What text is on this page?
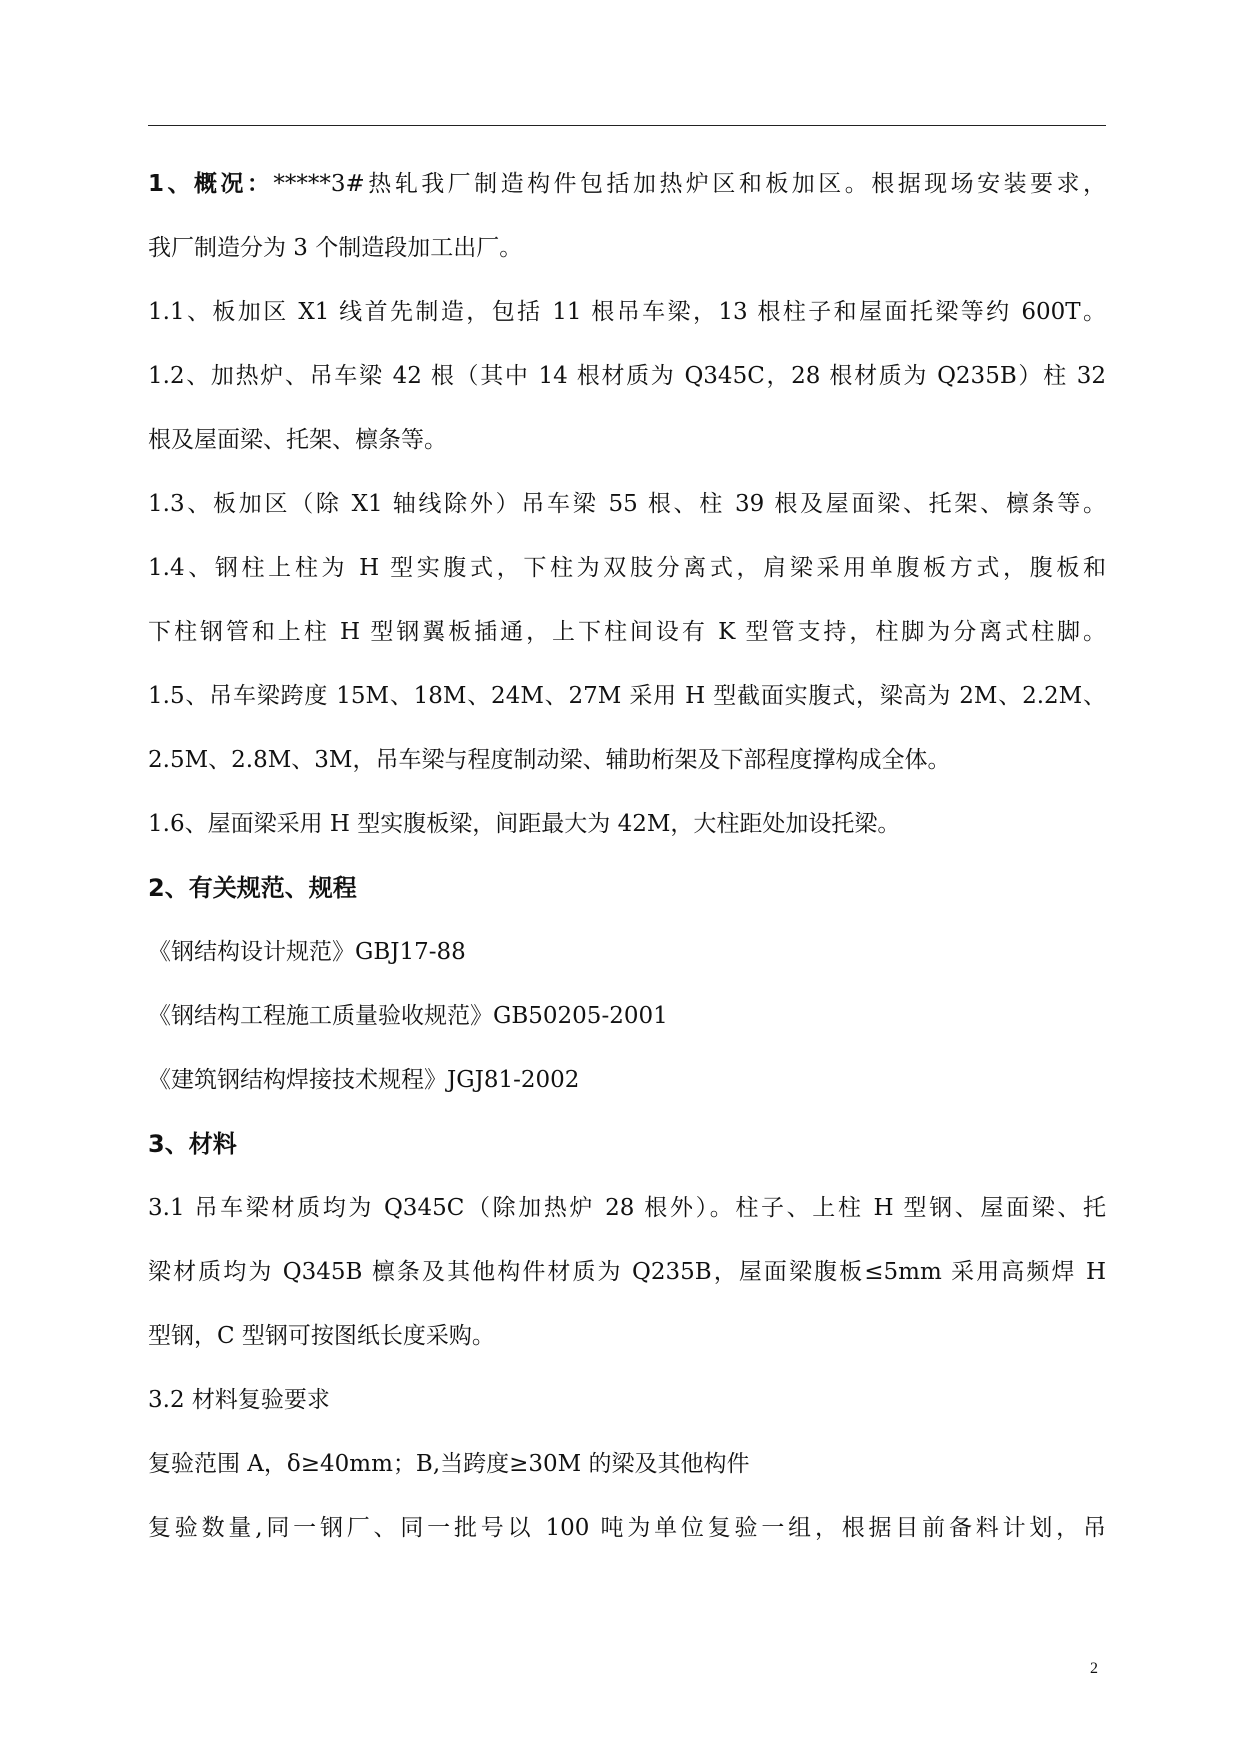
1、概况：*****3#热轧我厂制造构件包括加热炉区和板加区。根据现场安装要求，
我厂制造分为 3 个制造段加工出厂。
1.1、板加区 X1 线首先制造，包括 11 根吊车梁，13 根柱子和屋面托梁等约 600T。
1.2、加热炉、吊车梁 42 根（其中 14 根材质为 Q345C，28 根材质为 Q235B）柱 32
根及屋面梁、托架、檩条等。
1.3、板加区（除 X1 轴线除外）吊车梁 55 根、柱 39 根及屋面梁、托架、檩条等。
1.4、钢柱上柱为 H 型实腹式，下柱为双肢分离式，肩梁采用单腹板方式，腹板和
下柱钢管和上柱 H 型钢翼板插通，上下柱间设有 K 型管支持，柱脚为分离式柱脚。
1.5、吊车梁跨度 15M、18M、24M、27M 采用 H 型截面实腹式，梁高为 2M、2.2M、
2.5M、2.8M、3M，吊车梁与程度制动梁、辅助桁架及下部程度撑构成全体。
1.6、屋面梁采用 H 型实腹板梁，间距最大为 42M，大柱距处加设托梁。
2、有关规范、规程
《钢结构设计规范》GBJ17-88
《钢结构工程施工质量验收规范》GB50205-2001
《建筑钢结构焊接技术规程》JGJ81-2002
3、材料
3.1 吊车梁材质均为 Q345C（除加热炉 28 根外）。柱子、上柱 H 型钢、屋面梁、托
梁材质均为 Q345B 檩条及其他构件材质为 Q235B，屋面梁腹板≤5mm 采用高频焊 H
型钢，C 型钢可按图纸长度采购。
3.2 材料复验要求
复验范围 A，δ≥40mm；B,当跨度≥30M 的梁及其他构件
复验数量,同一钢厂、同一批号以 100 吨为单位复验一组，根据目前备料计划，吊
2
